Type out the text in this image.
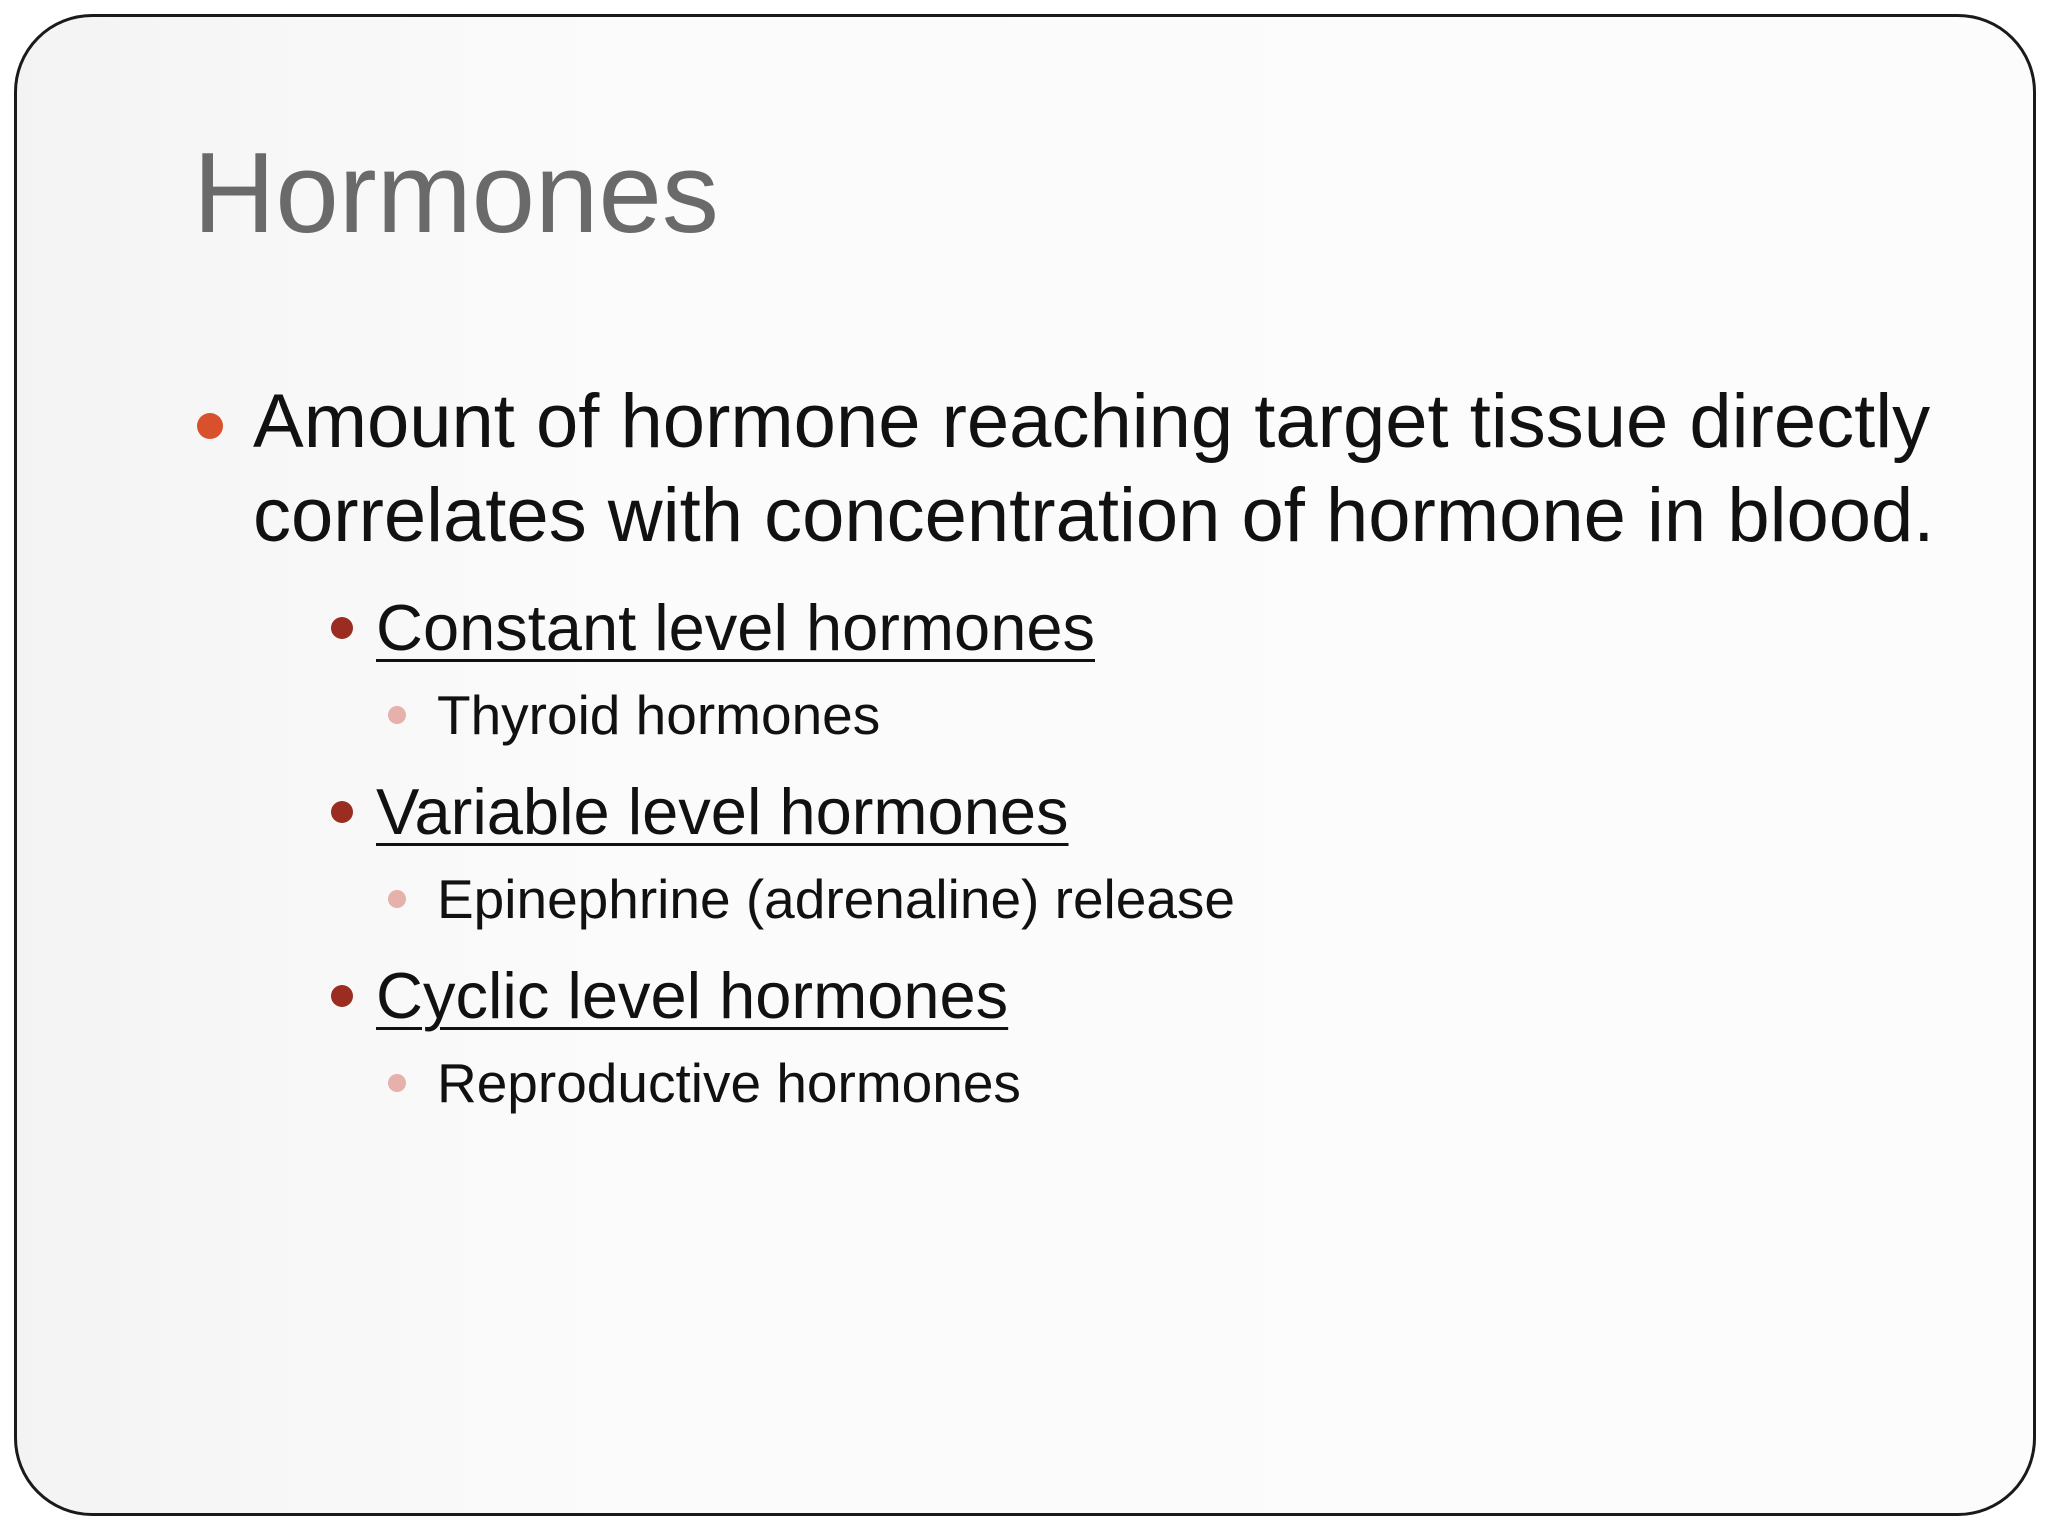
Hormones
Amount of hormone reaching target tissue directly correlates with concentration of hormone in blood.
Constant level hormones
Thyroid hormones
Variable level hormones
Epinephrine (adrenaline) release
Cyclic level hormones
Reproductive hormones
